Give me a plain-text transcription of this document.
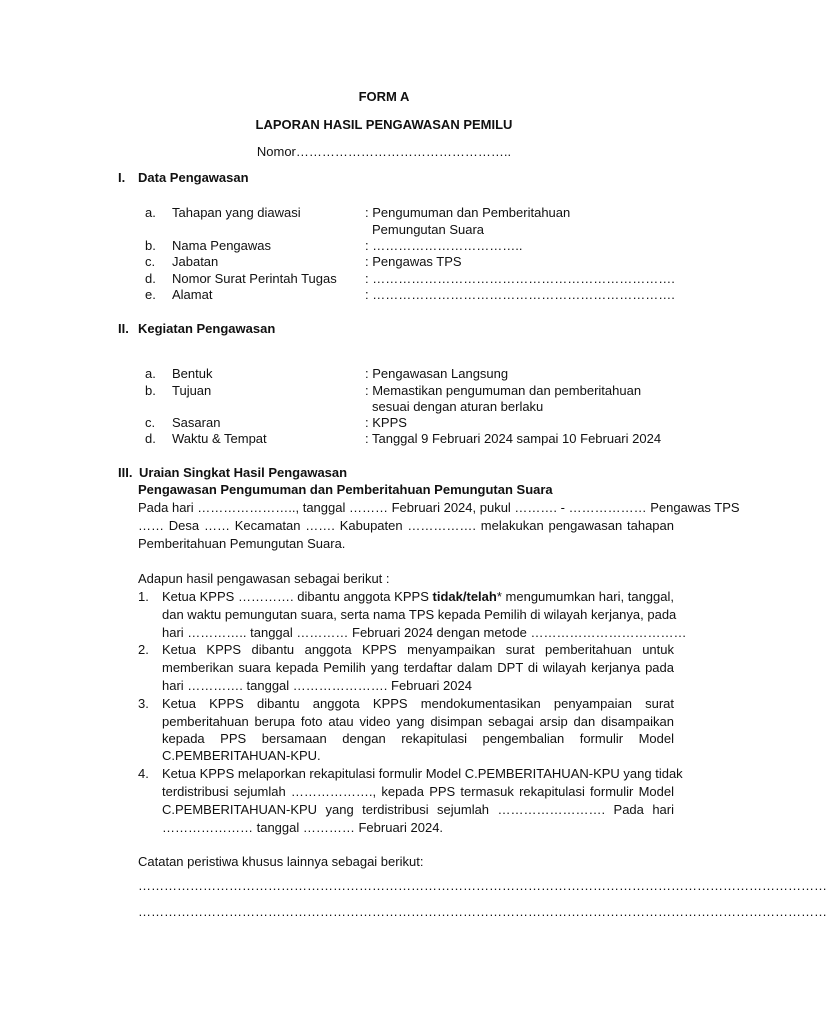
FORM A
LAPORAN HASIL PENGAWASAN PEMILU
Nomor…………………………………………..
I. Data Pengawasan
a. Tahapan yang diawasi	: Pengumuman dan Pemberitahuan
Pemungutan Suara
b. Nama Pengawas	: ……………………………..
c. Jabatan	: Pengawas TPS
d. Nomor Surat Perintah Tugas : …………………………………………………………….
e. Alamat	: …………………………………………………………….
II. Kegiatan Pengawasan
a. Bentuk	: Pengawasan Langsung
b. Tujuan	: Memastikan pengumuman dan pemberitahuan
sesuai dengan aturan berlaku
c. Sasaran	: KPPS
d. Waktu & Tempat	: Tanggal 9 Februari 2024 sampai 10 Februari 2024
III. Uraian Singkat Hasil Pengawasan
Pengawasan Pengumuman dan Pemberitahuan Pemungutan Suara
Pada hari ………………….., tanggal ……… Februari 2024, pukul ………. - ……………… Pengawas TPS
…… Desa …… Kecamatan ……. Kabupaten ……………. melakukan pengawasan tahapan
Pemberitahuan Pemungutan Suara.
Adapun hasil pengawasan sebagai berikut :
1. Ketua KPPS …………. dibantu anggota KPPS tidak/telah* mengumumkan hari, tanggal,
dan waktu pemungutan suara, serta nama TPS kepada Pemilih di wilayah kerjanya, pada
hari ………….. tanggal ………… Februari 2024 dengan metode ………………………………
2. Ketua KPPS dibantu anggota KPPS menyampaikan surat pemberitahuan untuk
memberikan suara kepada Pemilih yang terdaftar dalam DPT di wilayah kerjanya pada
hari …………. tanggal …………………. Februari 2024
3. Ketua KPPS dibantu anggota KPPS mendokumentasikan penyampaian surat
pemberitahuan berupa foto atau video yang disimpan sebagai arsip dan disampaikan
kepada PPS bersamaan dengan rekapitulasi pengembalian formulir Model
C.PEMBERITAHUAN-KPU.
4. Ketua KPPS melaporkan rekapitulasi formulir Model C.PEMBERITAHUAN-KPU yang tidak
terdistribusi sejumlah ………………., kepada PPS termasuk rekapitulasi formulir Model
C.PEMBERITAHUAN-KPU yang terdistribusi sejumlah ……………………. Pada hari
………………… tanggal ………… Februari 2024.
Catatan peristiwa khusus lainnya sebagai berikut:
……………………………………………………………………………………………………………………………………………
……………………………………………………………………………………………………………………………………………
